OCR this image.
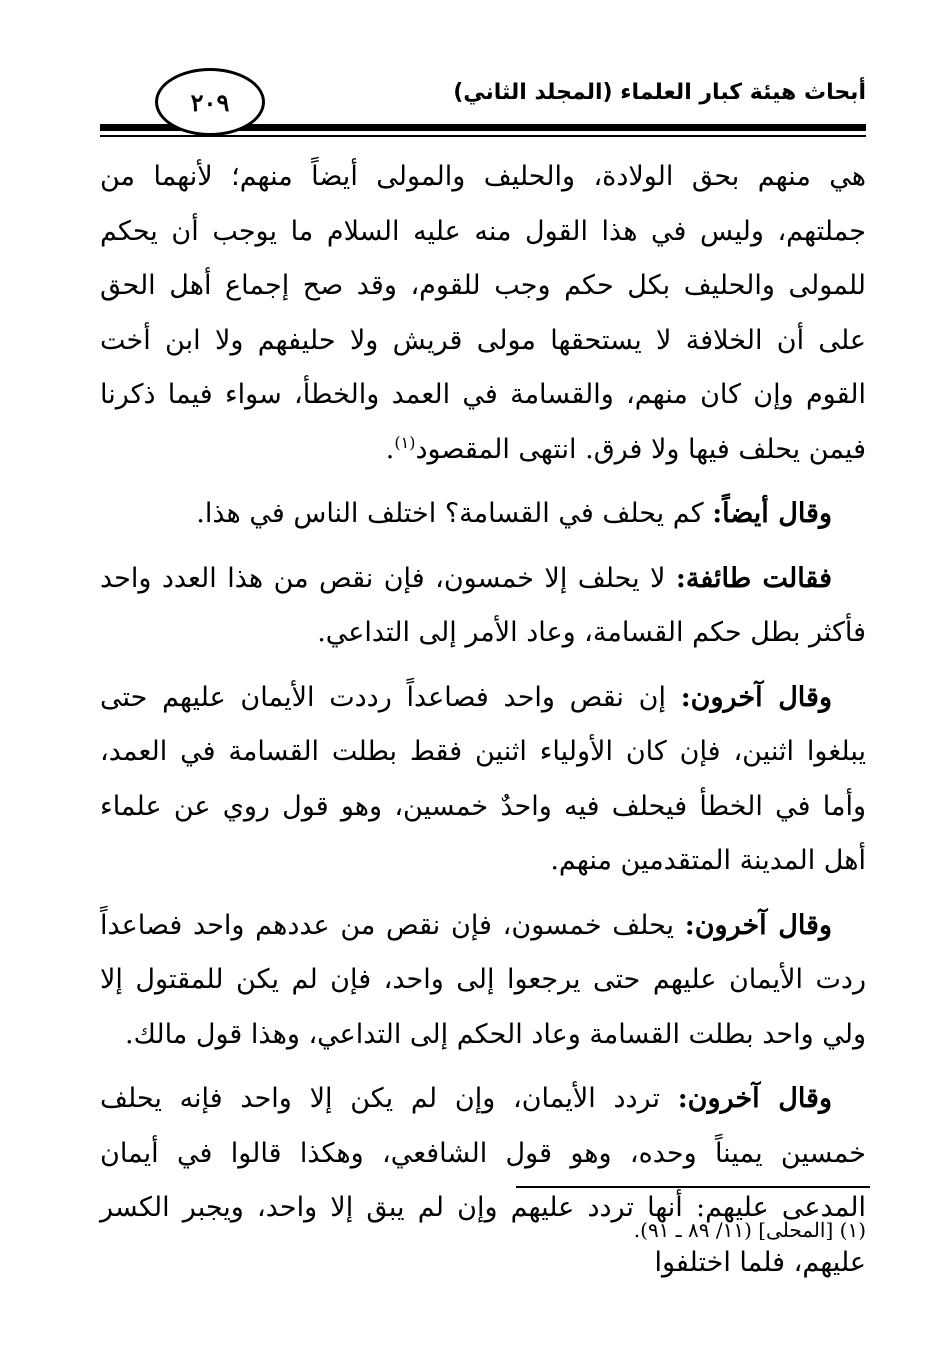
أبحاث هيئة كبار العلماء (المجلد الثاني)
٢٠٩

هي منهم بحق الولادة، والحليف والمولى أيضاً منهم؛ لأنهما من جملتهم، وليس في هذا القول منه عليه السلام ما يوجب أن يحكم للمولى والحليف بكل حكم وجب للقوم، وقد صح إجماع أهل الحق على أن الخلافة لا يستحقها مولى قريش ولا حليفهم ولا ابن أخت القوم وإن كان منهم، والقسامة في العمد والخطأ، سواء فيما ذكرنا فيمن يحلف فيها ولا فرق. انتهى المقصود$^{(١)}$.

وقال أيضاً: كم يحلف في القسامة؟ اختلف الناس في هذا.

فقالت طائفة: لا يحلف إلا خمسون، فإن نقص من هذا العدد واحد فأكثر بطل حكم القسامة، وعاد الأمر إلى التداعي.

وقال آخرون: إن نقص واحد فصاعداً رددت الأيمان عليهم حتى يبلغوا اثنين، فإن كان الأولياء اثنين فقط بطلت القسامة في العمد، وأما في الخطأ فيحلف فيه واحدٌ خمسين، وهو قول روي عن علماء أهل المدينة المتقدمين منهم.

وقال آخرون: يحلف خمسون، فإن نقص من عددهم واحد فصاعداً ردت الأيمان عليهم حتى يرجعوا إلى واحد، فإن لم يكن للمقتول إلا ولي واحد بطلت القسامة وعاد الحكم إلى التداعي، وهذا قول مالك.

وقال آخرون: تردد الأيمان، وإن لم يكن إلا واحد فإنه يحلف خمسين يميناً وحده، وهو قول الشافعي، وهكذا قالوا في أيمان المدعى عليهم: أنها تردد عليهم وإن لم يبق إلا واحد، ويجبر الكسر عليهم، فلما اختلفوا

(١) [المحلى] (١١/ ٨٩ ـ ٩١).
